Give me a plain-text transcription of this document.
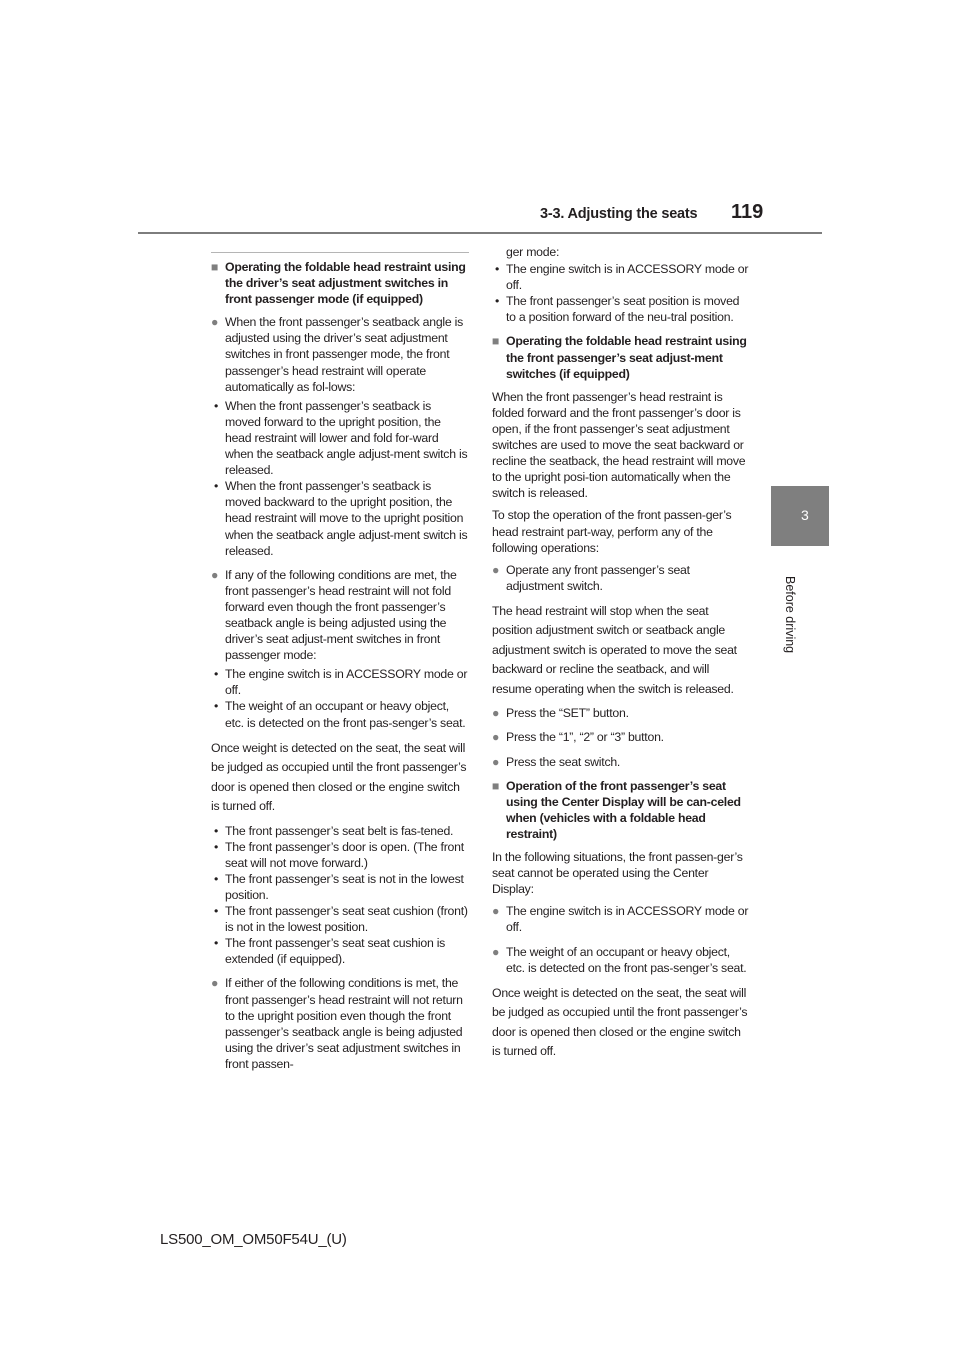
3-3. Adjusting the seats 119
3
Before driving
■ Operating the foldable head restraint using the driver’s seat adjustment switches in front passenger mode (if equipped)
● When the front passenger’s seatback angle is adjusted using the driver’s seat adjustment switches in front passenger mode, the front passenger’s head restraint will operate automatically as fol-lows:
• When the front passenger’s seatback is moved forward to the upright position, the head restraint will lower and fold for-ward when the seatback angle adjust-ment switch is released.
• When the front passenger’s seatback is moved backward to the upright position, the head restraint will move to the upright position when the seatback angle adjust-ment switch is released.
● If any of the following conditions are met, the front passenger’s head restraint will not fold forward even though the front passenger’s seatback angle is being adjusted using the driver’s seat adjust-ment switches in front passenger mode:
• The engine switch is in ACCESSORY mode or off.
• The weight of an occupant or heavy object, etc. is detected on the front pas-senger’s seat.
Once weight is detected on the seat, the seat will be judged as occupied until the front passenger’s door is opened then closed or the engine switch is turned off.
• The front passenger’s seat belt is fas-tened.
• The front passenger’s door is open. (The front seat will not move forward.)
• The front passenger’s seat is not in the lowest position.
• The front passenger’s seat seat cushion (front) is not in the lowest position.
• The front passenger’s seat seat cushion is extended (if equipped).
● If either of the following conditions is met, the front passenger’s head restraint will not return to the upright position even though the front passenger’s seatback angle is being adjusted using the driver’s seat adjustment switches in front passen-
ger mode:
• The engine switch is in ACCESSORY mode or off.
• The front passenger’s seat position is moved to a position forward of the neu-tral position.
■ Operating the foldable head restraint using the front passenger’s seat adjust-ment switches (if equipped)
When the front passenger’s head restraint is folded forward and the front passenger’s door is open, if the front passenger’s seat adjustment switches are used to move the seat backward or recline the seatback, the head restraint will move to the upright posi-tion automatically when the switch is released.
To stop the operation of the front passen-ger’s head restraint part-way, perform any of the following operations:
● Operate any front passenger’s seat adjustment switch.
The head restraint will stop when the seat position adjustment switch or seatback angle adjustment switch is operated to move the seat backward or recline the seatback, and will resume operating when the switch is released.
● Press the “SET” button.
● Press the “1”, “2” or “3” button.
● Press the seat switch.
■ Operation of the front passenger’s seat using the Center Display will be can-celed when (vehicles with a foldable head restraint)
In the following situations, the front passen-ger’s seat cannot be operated using the Center Display:
● The engine switch is in ACCESSORY mode or off.
● The weight of an occupant or heavy object, etc. is detected on the front pas-senger’s seat.
Once weight is detected on the seat, the seat will be judged as occupied until the front passenger’s door is opened then closed or the engine switch is turned off.
LS500_OM_OM50F54U_(U)
